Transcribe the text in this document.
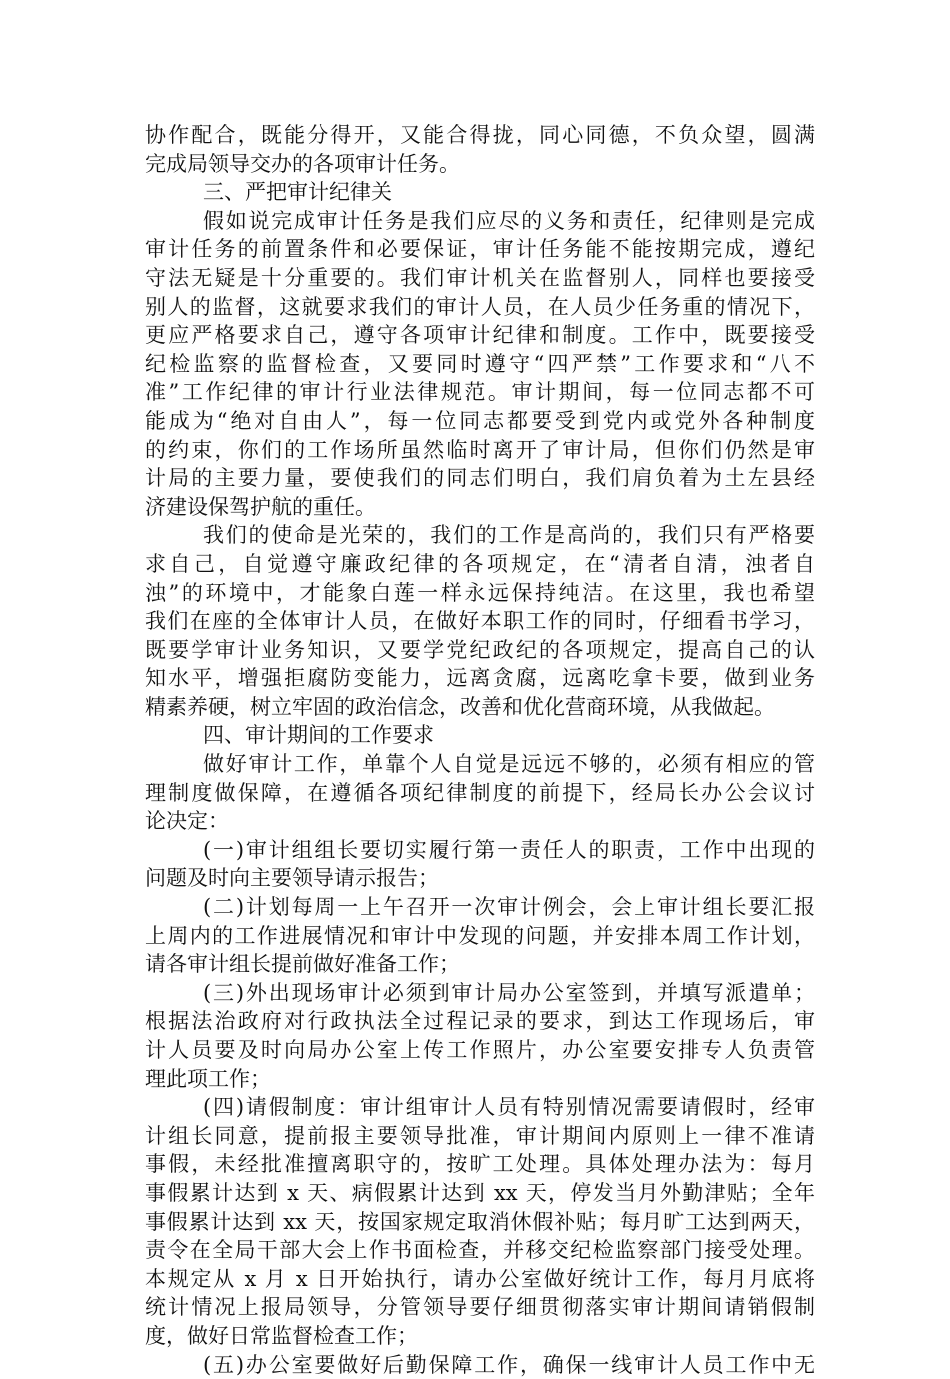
协作配合，既能分得开，又能合得拢，同心同德，不负众望，圆满
完成局领导交办的各项审计任务。
三、严把审计纪律关
假如说完成审计任务是我们应尽的义务和责任，纪律则是完成
审计任务的前置条件和必要保证，审计任务能不能按期完成，遵纪
守法无疑是十分重要的。我们审计机关在监督别人，同样也要接受
别人的监督，这就要求我们的审计人员，在人员少任务重的情况下，
更应严格要求自己，遵守各项审计纪律和制度。工作中，既要接受
纪检监察的监督检查，又要同时遵守“四严禁”工作要求和“八不
准”工作纪律的审计行业法律规范。审计期间，每一位同志都不可
能成为“绝对自由人”，每一位同志都要受到党内或党外各种制度
的约束，你们的工作场所虽然临时离开了审计局，但你们仍然是审
计局的主要力量，要使我们的同志们明白，我们肩负着为土左县经
济建设保驾护航的重任。
我们的使命是光荣的，我们的工作是高尚的，我们只有严格要
求自己，自觉遵守廉政纪律的各项规定，在“清者自清，浊者自
浊”的环境中，才能象白莲一样永远保持纯洁。在这里，我也希望
我们在座的全体审计人员，在做好本职工作的同时，仔细看书学习，
既要学审计业务知识，又要学党纪政纪的各项规定，提高自己的认
知水平，增强拒腐防变能力，远离贪腐，远离吃拿卡要，做到业务
精素养硬，树立牢固的政治信念，改善和优化营商环境，从我做起。
四、审计期间的工作要求
做好审计工作，单靠个人自觉是远远不够的，必须有相应的管
理制度做保障，在遵循各项纪律制度的前提下，经局长办公会议讨
论决定：
(一)审计组组长要切实履行第一责任人的职责，工作中出现的
问题及时向主要领导请示报告；
(二)计划每周一上午召开一次审计例会，会上审计组长要汇报
上周内的工作进展情况和审计中发现的问题，并安排本周工作计划，
请各审计组长提前做好准备工作；
(三)外出现场审计必须到审计局办公室签到，并填写派遣单；
根据法治政府对行政执法全过程记录的要求，到达工作现场后，审
计人员要及时向局办公室上传工作照片，办公室要安排专人负责管
理此项工作；
(四)请假制度：审计组审计人员有特别情况需要请假时，经审
计组长同意，提前报主要领导批准，审计期间内原则上一律不准请
事假，未经批准擅离职守的，按旷工处理。具体处理办法为：每月
事假累计达到 x 天、病假累计达到 xx 天，停发当月外勤津贴；全年
事假累计达到 xx 天，按国家规定取消休假补贴；每月旷工达到两天，
责令在全局干部大会上作书面检查，并移交纪检监察部门接受处理。
本规定从 x 月 x 日开始执行，请办公室做好统计工作，每月月底将
统计情况上报局领导，分管领导要仔细贯彻落实审计期间请销假制
度，做好日常监督检查工作；
(五)办公室要做好后勤保障工作，确保一线审计人员工作中无
